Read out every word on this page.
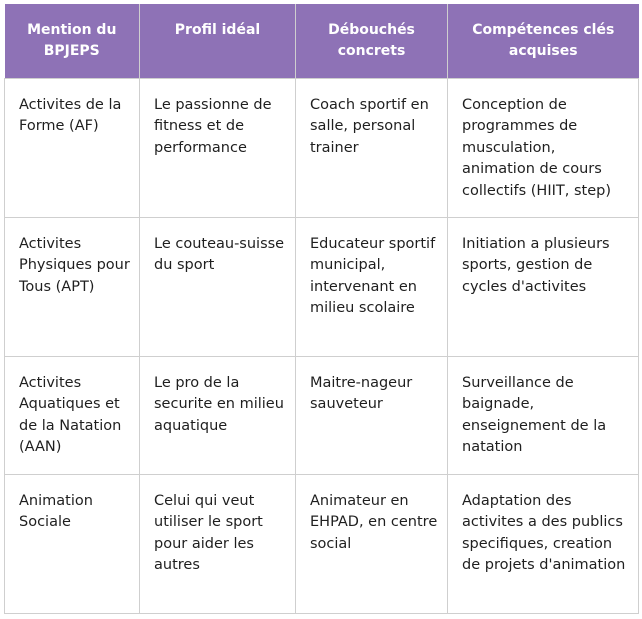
Mention du BPJEPS	Profil idéal	Débouchés concrets	Compétences clés acquises
Activites de la Forme (AF)	Le passionne de fitness et de performance	Coach sportif en salle, personal trainer	Conception de programmes de musculation, animation de cours collectifs (HIIT, step)
Activites Physiques pour Tous (APT)	Le couteau-suisse du sport	Educateur sportif municipal, intervenant en milieu scolaire	Initiation a plusieurs sports, gestion de cycles d'activites
Activites Aquatiques et de la Natation (AAN)	Le pro de la securite en milieu aquatique	Maitre-nageur sauveteur	Surveillance de baignade, enseignement de la natation
Animation Sociale	Celui qui veut utiliser le sport pour aider les autres	Animateur en EHPAD, en centre social	Adaptation des activites a des publics specifiques, creation de projets d'animation
